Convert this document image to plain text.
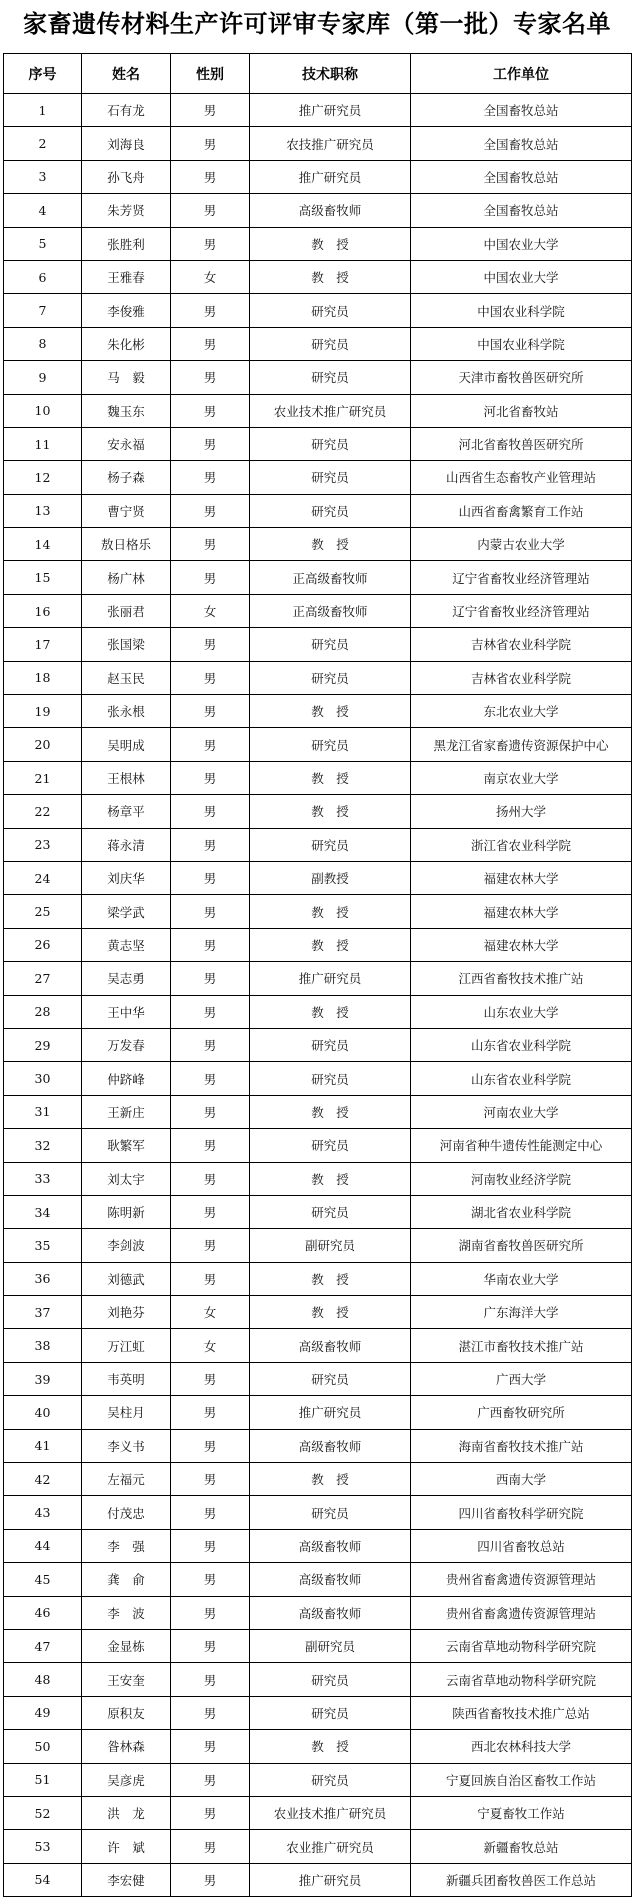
家畜遗传材料生产许可评审专家库（第一批）专家名单
序号	姓名	性别	技术职称	工作单位
1	石有龙	男	推广研究员	全国畜牧总站
2	刘海良	男	农技推广研究员	全国畜牧总站
3	孙飞舟	男	推广研究员	全国畜牧总站
4	朱芳贤	男	高级畜牧师	全国畜牧总站
5	张胜利	男	教　授	中国农业大学
6	王雅春	女	教　授	中国农业大学
7	李俊雅	男	研究员	中国农业科学院
8	朱化彬	男	研究员	中国农业科学院
9	马　毅	男	研究员	天津市畜牧兽医研究所
10	魏玉东	男	农业技术推广研究员	河北省畜牧站
11	安永福	男	研究员	河北省畜牧兽医研究所
12	杨子森	男	研究员	山西省生态畜牧产业管理站
13	曹宁贤	男	研究员	山西省畜禽繁育工作站
14	敖日格乐	男	教　授	内蒙古农业大学
15	杨广林	男	正高级畜牧师	辽宁省畜牧业经济管理站
16	张丽君	女	正高级畜牧师	辽宁省畜牧业经济管理站
17	张国梁	男	研究员	吉林省农业科学院
18	赵玉民	男	研究员	吉林省农业科学院
19	张永根	男	教　授	东北农业大学
20	吴明成	男	研究员	黑龙江省家畜遗传资源保护中心
21	王根林	男	教　授	南京农业大学
22	杨章平	男	教　授	扬州大学
23	蒋永清	男	研究员	浙江省农业科学院
24	刘庆华	男	副教授	福建农林大学
25	梁学武	男	教　授	福建农林大学
26	黄志坚	男	教　授	福建农林大学
27	吴志勇	男	推广研究员	江西省畜牧技术推广站
28	王中华	男	教　授	山东农业大学
29	万发春	男	研究员	山东省农业科学院
30	仲跻峰	男	研究员	山东省农业科学院
31	王新庄	男	教　授	河南农业大学
32	耿繁军	男	研究员	河南省种牛遗传性能测定中心
33	刘太宇	男	教　授	河南牧业经济学院
34	陈明新	男	研究员	湖北省农业科学院
35	李剑波	男	副研究员	湖南省畜牧兽医研究所
36	刘德武	男	教　授	华南农业大学
37	刘艳芬	女	教　授	广东海洋大学
38	万江虹	女	高级畜牧师	湛江市畜牧技术推广站
39	韦英明	男	研究员	广西大学
40	吴柱月	男	推广研究员	广西畜牧研究所
41	李义书	男	高级畜牧师	海南省畜牧技术推广站
42	左福元	男	教　授	西南大学
43	付茂忠	男	研究员	四川省畜牧科学研究院
44	李　强	男	高级畜牧师	四川省畜牧总站
45	龚　俞	男	高级畜牧师	贵州省畜禽遗传资源管理站
46	李　波	男	高级畜牧师	贵州省畜禽遗传资源管理站
47	金显栋	男	副研究员	云南省草地动物科学研究院
48	王安奎	男	研究员	云南省草地动物科学研究院
49	原积友	男	研究员	陕西省畜牧技术推广总站
50	昝林森	男	教　授	西北农林科技大学
51	吴彦虎	男	研究员	宁夏回族自治区畜牧工作站
52	洪　龙	男	农业技术推广研究员	宁夏畜牧工作站
53	许　斌	男	农业推广研究员	新疆畜牧总站
54	李宏健	男	推广研究员	新疆兵团畜牧兽医工作总站
